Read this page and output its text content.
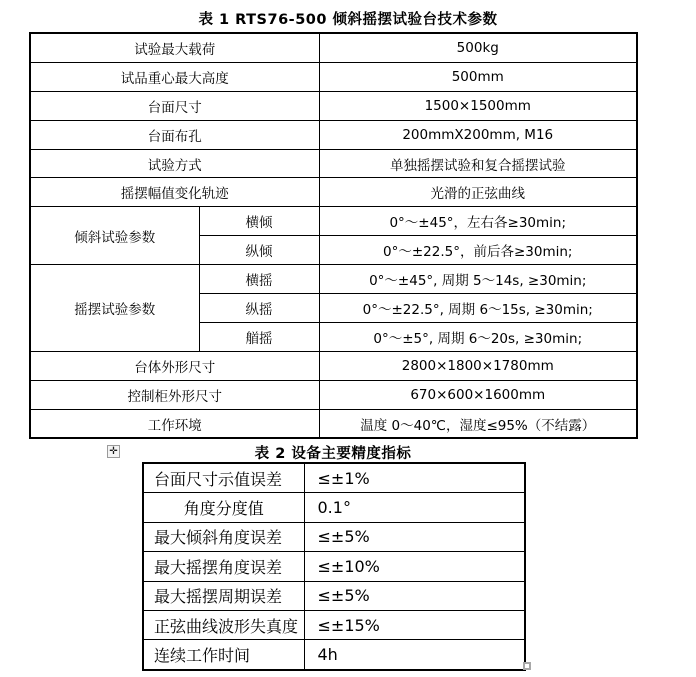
表 1 RTS76-500 倾斜摇摆试验台技术参数
试验最大载荷		500kg
试品重心最大高度		500mm
台面尺寸		1500×1500mm
台面布孔		200mmX200mm, M16
试验方式		单独摇摆试验和复合摇摆试验
摇摆幅值变化轨迹		光滑的正弦曲线
倾斜试验参数	横倾	0°～±45°，左右各≥30min;
	纵倾	0°～±22.5°，前后各≥30min;
摇摆试验参数	横摇	0°～±45°, 周期 5～14s, ≥30min;
	纵摇	0°～±22.5°, 周期 6～15s, ≥30min;
	艏摇	0°～±5°, 周期 6～20s, ≥30min;
台体外形尺寸		2800×1800×1780mm
控制柜外形尺寸		670×600×1600mm
工作环境		温度 0～40℃，湿度≤95%（不结露）
✛	表 2 设备主要精度指标
台面尺寸示值误差	≤±1%
角度分度值	0.1°
最大倾斜角度误差	≤±5%
最大摇摆角度误差	≤±10%
最大摇摆周期误差	≤±5%
正弦曲线波形失真度	≤±15%
连续工作时间	4h
